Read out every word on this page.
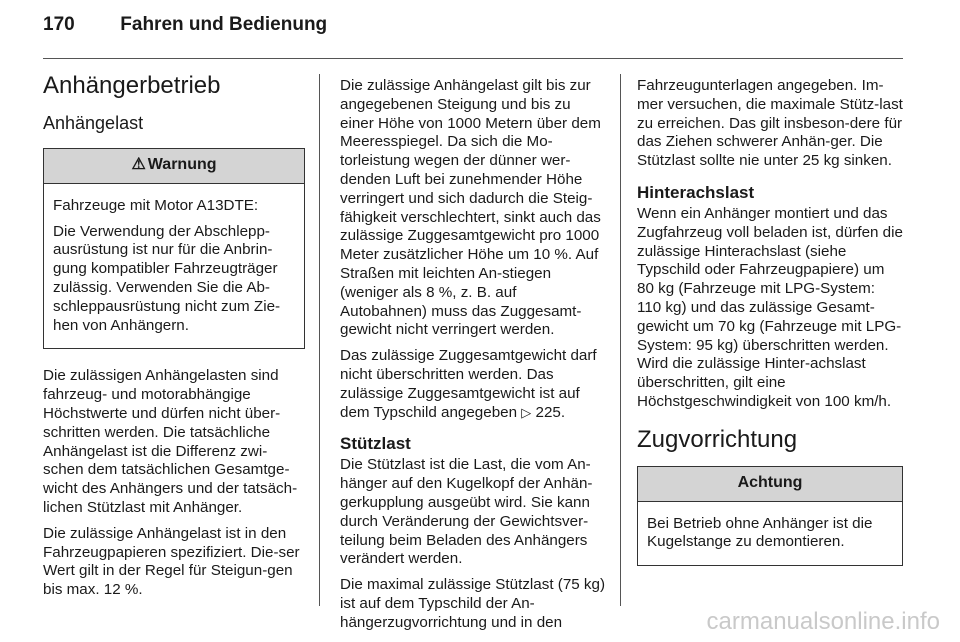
170 Fahren und Bedienung
Anhängerbetrieb
Anhängelast
⚠ Warnung

Fahrzeuge mit Motor A13DTE:

Die Verwendung der Abschlepp-ausrüstung ist nur für die Anbrin-gung kompatibler Fahrzeugträger zulässig. Verwenden Sie die Ab-schleppausrüstung nicht zum Zie-hen von Anhängern.

Die zulässigen Anhängelasten sind fahrzeug- und motorabhängige Höchstwerte und dürfen nicht über-schritten werden. Die tatsächliche Anhängelast ist die Differenz zwi-schen dem tatsächlichen Gesamtge-wicht des Anhängers und der tatsäch-lichen Stützlast mit Anhänger.

Die zulässige Anhängelast ist in den Fahrzeugpapieren spezifiziert. Die-ser Wert gilt in der Regel für Steigun-gen bis max. 12 %.

Die zulässige Anhängelast gilt bis zur angegebenen Steigung und bis zu einer Höhe von 1000 Metern über dem Meeresspiegel. Da sich die Mo-torleistung wegen der dünner wer-denden Luft bei zunehmender Höhe verringert und sich dadurch die Steig-fähigkeit verschlechtert, sinkt auch das zulässige Zuggesamtgewicht pro 1000 Meter zusätzlicher Höhe um 10 %. Auf Straßen mit leichten An-stiegen (weniger als 8 %, z. B. auf Autobahnen) muss das Zuggesamt-gewicht nicht verringert werden.

Das zulässige Zuggesamtgewicht darf nicht überschritten werden. Das zulässige Zuggesamtgewicht ist auf dem Typschild angegeben ▷ 225.

Stützlast

Die Stützlast ist die Last, die vom An-hänger auf den Kugelkopf der Anhän-gerkupplung ausgeübt wird. Sie kann durch Veränderung der Gewichtsver-teilung beim Beladen des Anhängers verändert werden.

Die maximal zulässige Stützlast (75 kg) ist auf dem Typschild der An-hängerzugvorrichtung und in den

Fahrzeugunterlagen angegeben. Im-mer versuchen, die maximale Stütz-last zu erreichen. Das gilt insbeson-dere für das Ziehen schwerer Anhän-ger. Die Stützlast sollte nie unter 25 kg sinken.

Hinterachslast

Wenn ein Anhänger montiert und das Zugfahrzeug voll beladen ist, dürfen die zulässige Hinterachslast (siehe Typschild oder Fahrzeugpapiere) um 80 kg (Fahrzeuge mit LPG-System: 110 kg) und das zulässige Gesamt-gewicht um 70 kg (Fahrzeuge mit LPG-System: 95 kg) überschritten werden. Wird die zulässige Hinter-achslast überschritten, gilt eine Höchstgeschwindigkeit von 100 km/h.

Zugvorrichtung
Achtung

Bei Betrieb ohne Anhänger ist die Kugelstange zu demontieren.

carmanualsonline.info
